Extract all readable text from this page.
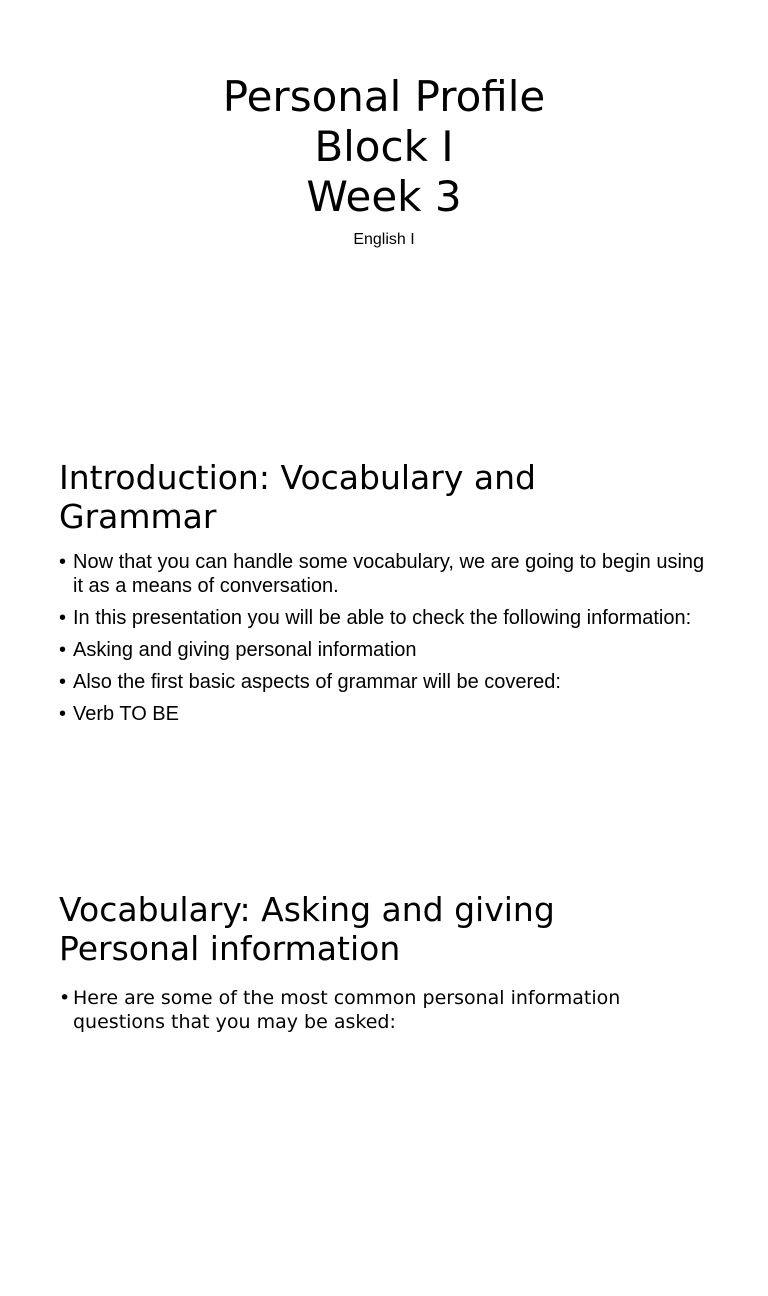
Personal Profile
Block I
Week 3
English I
Introduction: Vocabulary and
Grammar
• Now that you can handle some vocabulary, we are going to begin using it as a means of conversation.
• In this presentation you will be able to check the following information:
• Asking and giving personal information
• Also the first basic aspects of grammar will be covered:
• Verb TO BE
Vocabulary: Asking and giving
Personal information
• Here are some of the most common personal information questions that you may be asked:
